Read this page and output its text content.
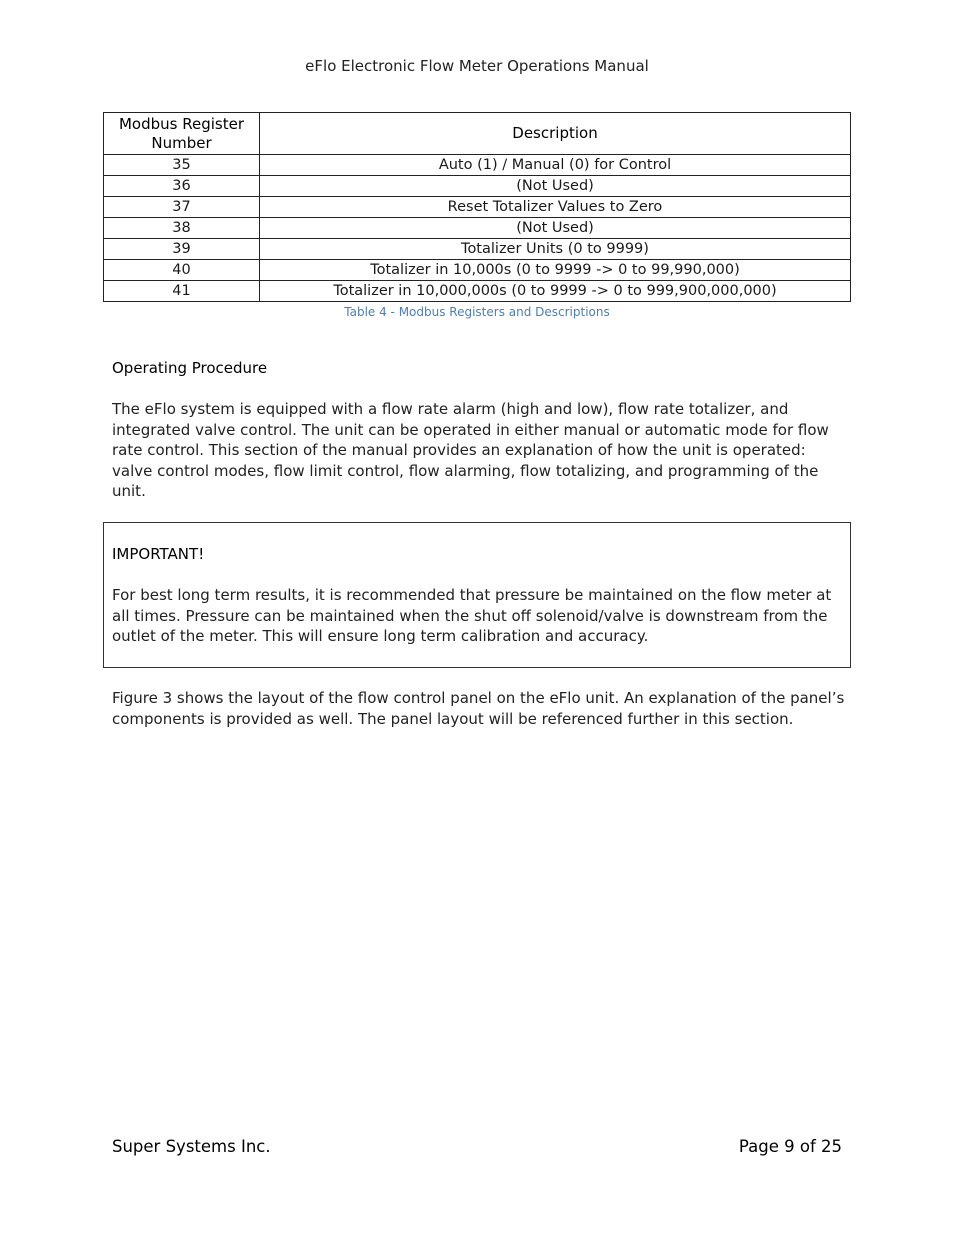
eFlo Electronic Flow Meter Operations Manual
Modbus Register Number	Description
35	Auto (1) / Manual (0) for Control
36	(Not Used)
37	Reset Totalizer Values to Zero
38	(Not Used)
39	Totalizer Units (0 to 9999)
40	Totalizer in 10,000s (0 to 9999 -> 0 to 99,990,000)
41	Totalizer in 10,000,000s (0 to 9999 -> 0 to 999,900,000,000)
Table 4 - Modbus Registers and Descriptions
Operating Procedure
The eFlo system is equipped with a flow rate alarm (high and low), flow rate totalizer, and integrated valve control. The unit can be operated in either manual or automatic mode for flow rate control. This section of the manual provides an explanation of how the unit is operated: valve control modes, flow limit control, flow alarming, flow totalizing, and programming of the unit.
IMPORTANT!
For best long term results, it is recommended that pressure be maintained on the flow meter at all times. Pressure can be maintained when the shut off solenoid/valve is downstream from the outlet of the meter. This will ensure long term calibration and accuracy.
Figure 3 shows the layout of the flow control panel on the eFlo unit. An explanation of the panel’s components is provided as well. The panel layout will be referenced further in this section.
Super Systems Inc.	Page 9 of 25
